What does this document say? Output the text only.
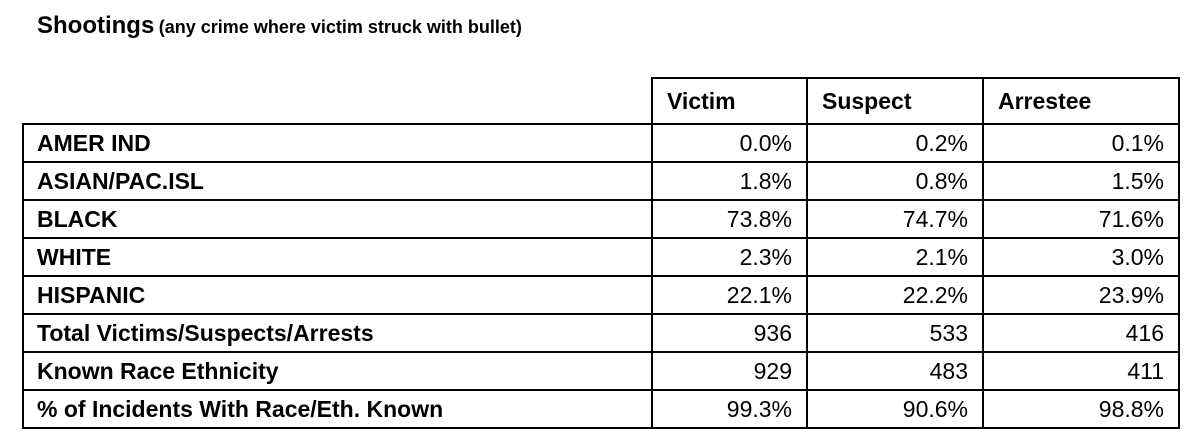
Shootings (any crime where victim struck with bullet)
	Victim	Suspect	Arrestee
AMER IND	0.0%	0.2%	0.1%
ASIAN/PAC.ISL	1.8%	0.8%	1.5%
BLACK	73.8%	74.7%	71.6%
WHITE	2.3%	2.1%	3.0%
HISPANIC	22.1%	22.2%	23.9%
Total Victims/Suspects/Arrests	936	533	416
Known Race Ethnicity	929	483	411
% of Incidents With Race/Eth. Known	99.3%	90.6%	98.8%
